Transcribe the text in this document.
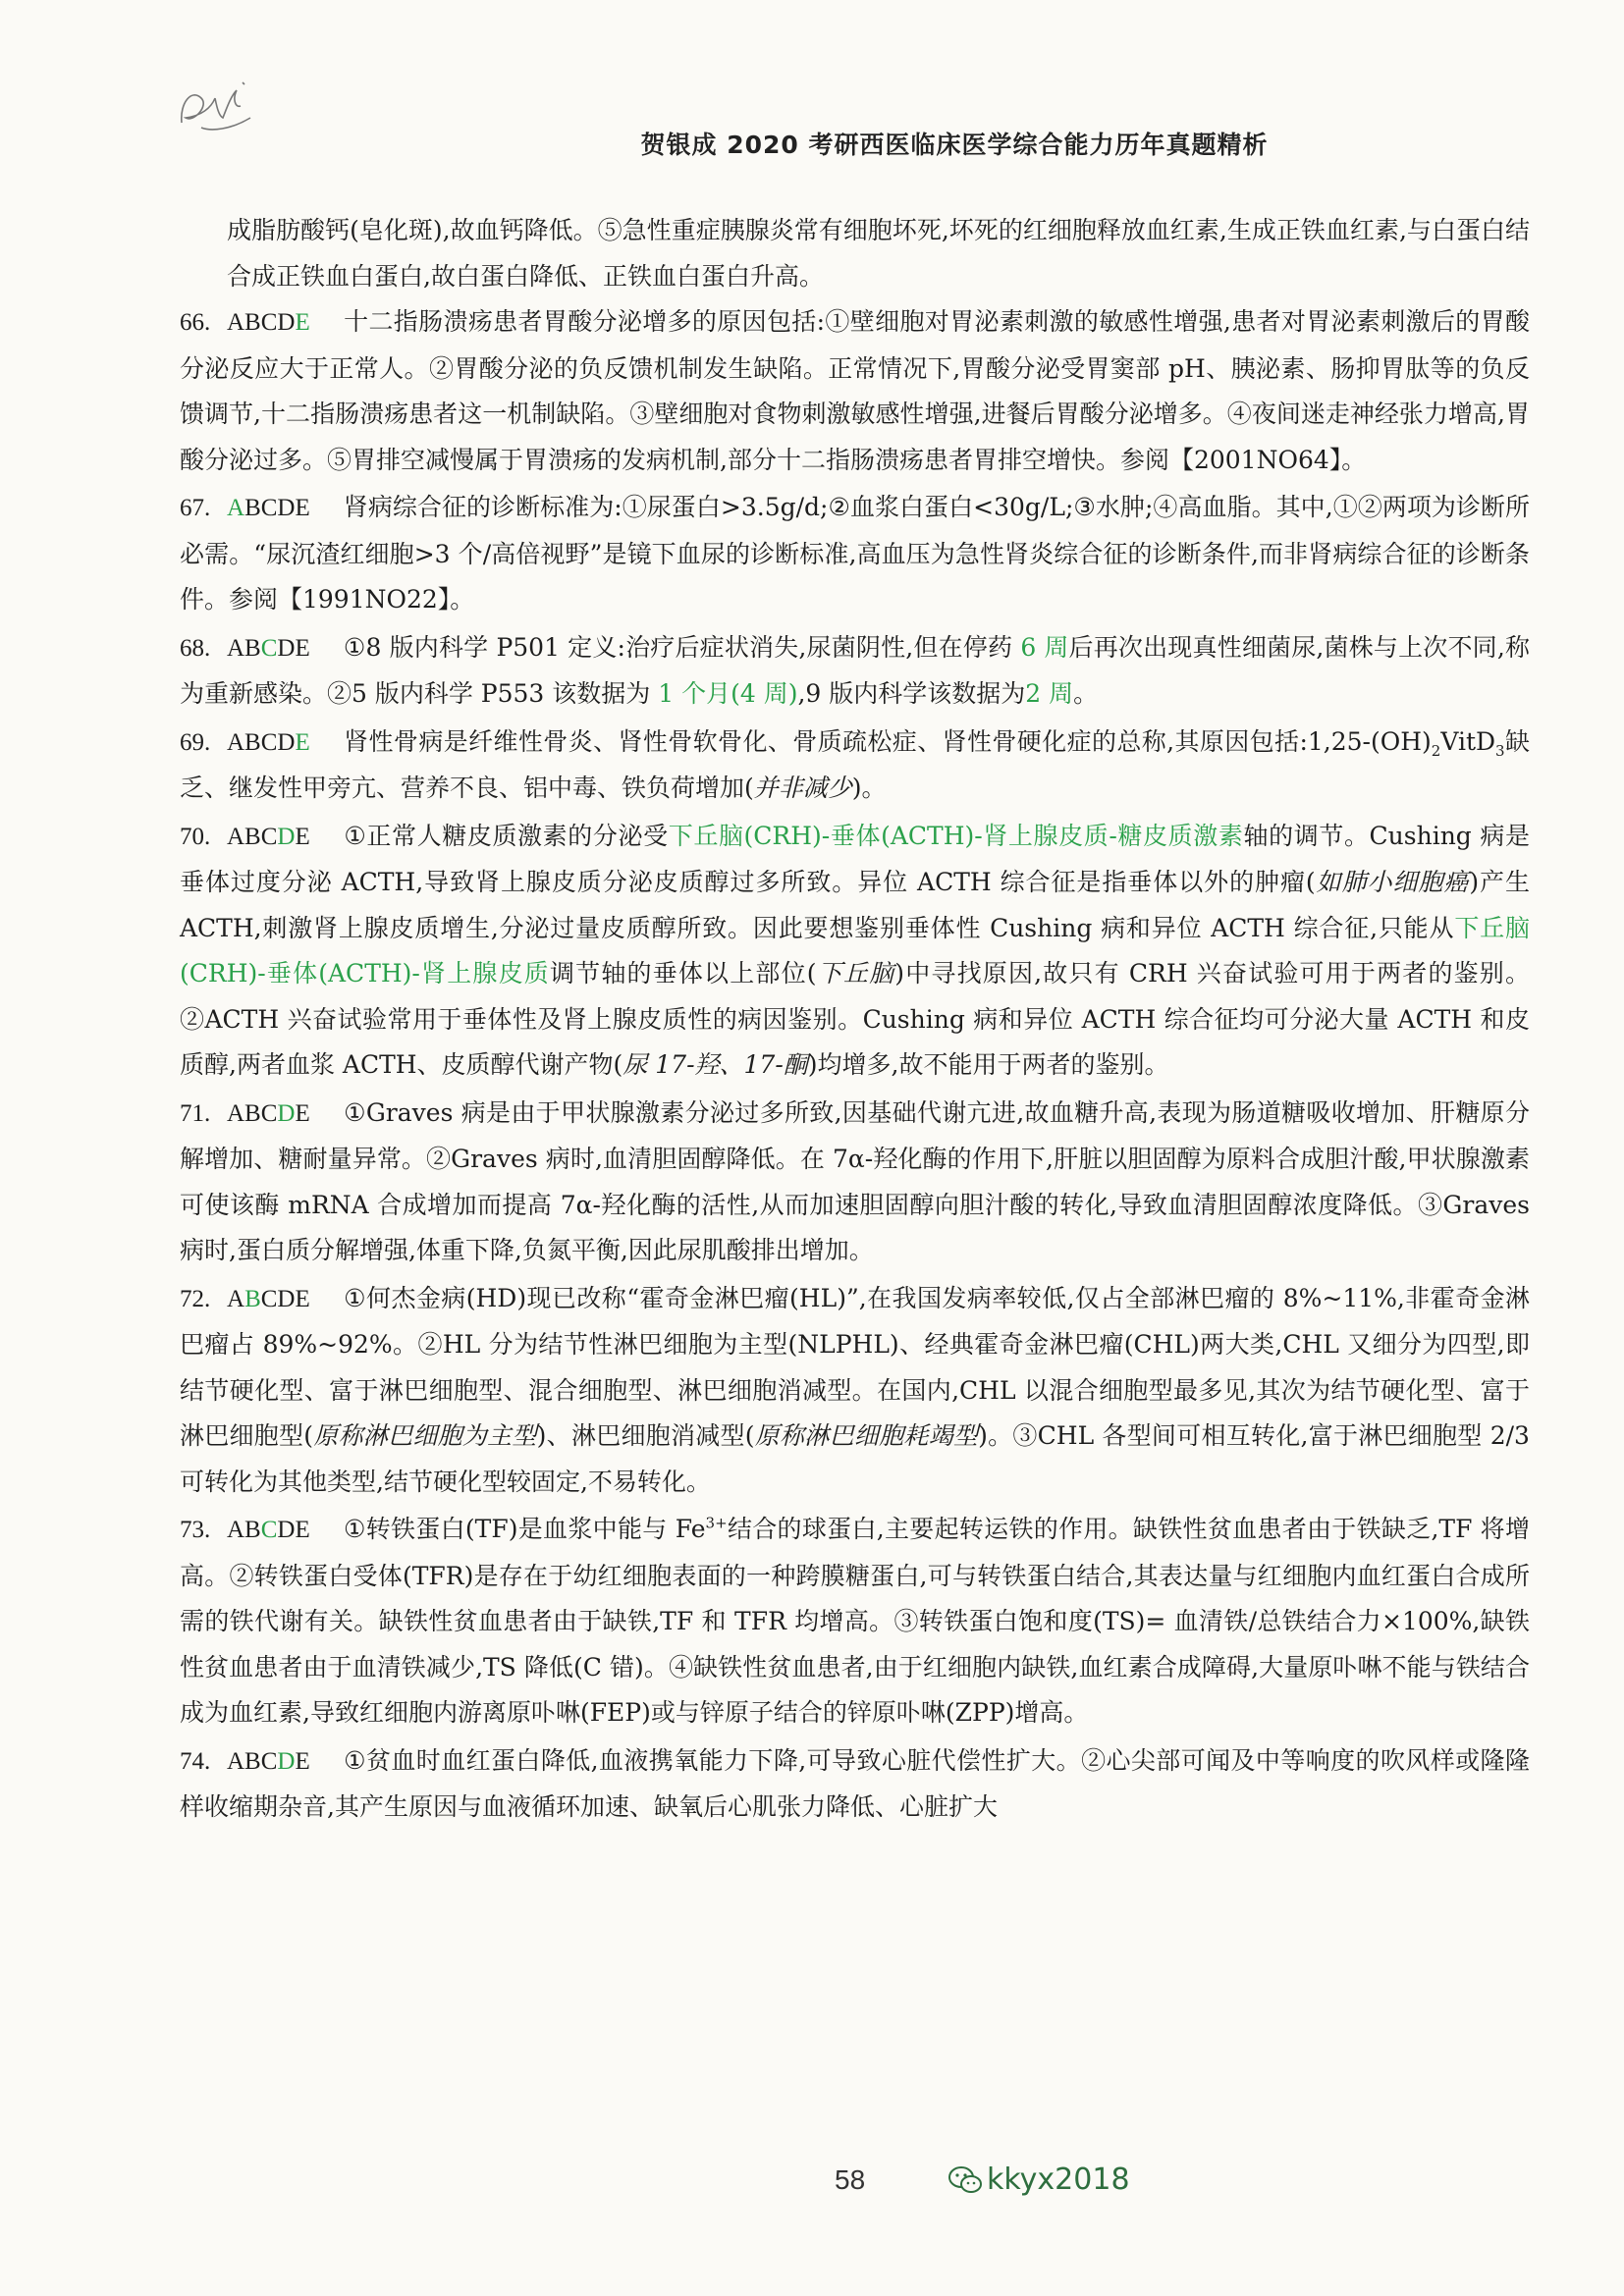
贺银成 2020 考研西医临床医学综合能力历年真题精析

成脂肪酸钙(皂化斑),故血钙降低。⑤急性重症胰腺炎常有细胞坏死,坏死的红细胞释放血红素,生成正铁血红素,与白蛋白结合成正铁血白蛋白,故白蛋白降低、正铁血白蛋白升高。

66. ABCDE 十二指肠溃疡患者胃酸分泌增多的原因包括:①壁细胞对胃泌素刺激的敏感性增强,患者对胃泌素刺激后的胃酸分泌反应大于正常人。②胃酸分泌的负反馈机制发生缺陷。正常情况下,胃酸分泌受胃窦部 pH、胰泌素、肠抑胃肽等的负反馈调节,十二指肠溃疡患者这一机制缺陷。③壁细胞对食物刺激敏感性增强,进餐后胃酸分泌增多。④夜间迷走神经张力增高,胃酸分泌过多。⑤胃排空减慢属于胃溃疡的发病机制,部分十二指肠溃疡患者胃排空增快。参阅【2001NO64】。

67. ABCDE 肾病综合征的诊断标准为:①尿蛋白>3.5g/d;②血浆白蛋白<30g/L;③水肿;④高血脂。其中,①②两项为诊断所必需。“尿沉渣红细胞>3 个/高倍视野”是镜下血尿的诊断标准,高血压为急性肾炎综合征的诊断条件,而非肾病综合征的诊断条件。参阅【1991NO22】。

68. ABCDE ①8 版内科学 P501 定义:治疗后症状消失,尿菌阴性,但在停药 6 周后再次出现真性细菌尿,菌株与上次不同,称为重新感染。②5 版内科学 P553 该数据为 1 个月(4 周),9 版内科学该数据为2 周。

69. ABCDE 肾性骨病是纤维性骨炎、肾性骨软骨化、骨质疏松症、肾性骨硬化症的总称,其原因包括$:1,25-(OH)_2VitD_3$缺乏、继发性甲旁亢、营养不良、铝中毒、铁负荷增加(并非减少)。

70. ABCDE ①正常人糖皮质激素的分泌受下丘脑(CRH)-垂体(ACTH)-肾上腺皮质-糖皮质激素轴的调节。Cushing 病是垂体过度分泌 ACTH,导致肾上腺皮质分泌皮质醇过多所致。异位 ACTH 综合征是指垂体以外的肿瘤(如肺小细胞癌)产生 ACTH,刺激肾上腺皮质增生,分泌过量皮质醇所致。因此要想鉴别垂体性 Cushing 病和异位 ACTH 综合征,只能从下丘脑(CRH)-垂体(ACTH)-肾上腺皮质调节轴的垂体以上部位(下丘脑)中寻找原因,故只有 CRH 兴奋试验可用于两者的鉴别。②ACTH 兴奋试验常用于垂体性及肾上腺皮质性的病因鉴别。Cushing 病和异位 ACTH 综合征均可分泌大量 ACTH 和皮质醇,两者血浆 ACTH、皮质醇代谢产物(尿 17-羟、17-酮)均增多,故不能用于两者的鉴别。

71. ABCDE ①Graves 病是由于甲状腺激素分泌过多所致,因基础代谢亢进,故血糖升高,表现为肠道糖吸收增加、肝糖原分解增加、糖耐量异常。②Graves 病时,血清胆固醇降低。在 7α-羟化酶的作用下,肝脏以胆固醇为原料合成胆汁酸,甲状腺激素可使该酶 mRNA 合成增加而提高 7α-羟化酶的活性,从而加速胆固醇向胆汁酸的转化,导致血清胆固醇浓度降低。③Graves 病时,蛋白质分解增强,体重下降,负氮平衡,因此尿肌酸排出增加。

72. ABCDE ①何杰金病(HD)现已改称“霍奇金淋巴瘤(HL)”,在我国发病率较低,仅占全部淋巴瘤的 8%~11%,非霍奇金淋巴瘤占 89%~92%。②HL 分为结节性淋巴细胞为主型(NLPHL)、经典霍奇金淋巴瘤(CHL)两大类,CHL 又细分为四型,即结节硬化型、富于淋巴细胞型、混合细胞型、淋巴细胞消减型。在国内,CHL 以混合细胞型最多见,其次为结节硬化型、富于淋巴细胞型(原称淋巴细胞为主型)、淋巴细胞消减型(原称淋巴细胞耗竭型)。③CHL 各型间可相互转化,富于淋巴细胞型 2/3 可转化为其他类型,结节硬化型较固定,不易转化。

73. ABCDE ①转铁蛋白(TF)是血浆中能与 $Fe^{3+}$结合的球蛋白,主要起转运铁的作用。缺铁性贫血患者由于铁缺乏,TF 将增高。②转铁蛋白受体(TFR)是存在于幼红细胞表面的一种跨膜糖蛋白,可与转铁蛋白结合,其表达量与红细胞内血红蛋白合成所需的铁代谢有关。缺铁性贫血患者由于缺铁,TF 和 TFR 均增高。③转铁蛋白饱和度(TS)= 血清铁/总铁结合力×100%,缺铁性贫血患者由于血清铁减少,TS 降低(C 错)。④缺铁性贫血患者,由于红细胞内缺铁,血红素合成障碍,大量原卟啉不能与铁结合成为血红素,导致红细胞内游离原卟啉(FEP)或与锌原子结合的锌原卟啉(ZPP)增高。

74. ABCDE ①贫血时血红蛋白降低,血液携氧能力下降,可导致心脏代偿性扩大。②心尖部可闻及中等响度的吹风样或隆隆样收缩期杂音,其产生原因与血液循环加速、缺氧后心肌张力降低、心脏扩大

58	kkyx2018
